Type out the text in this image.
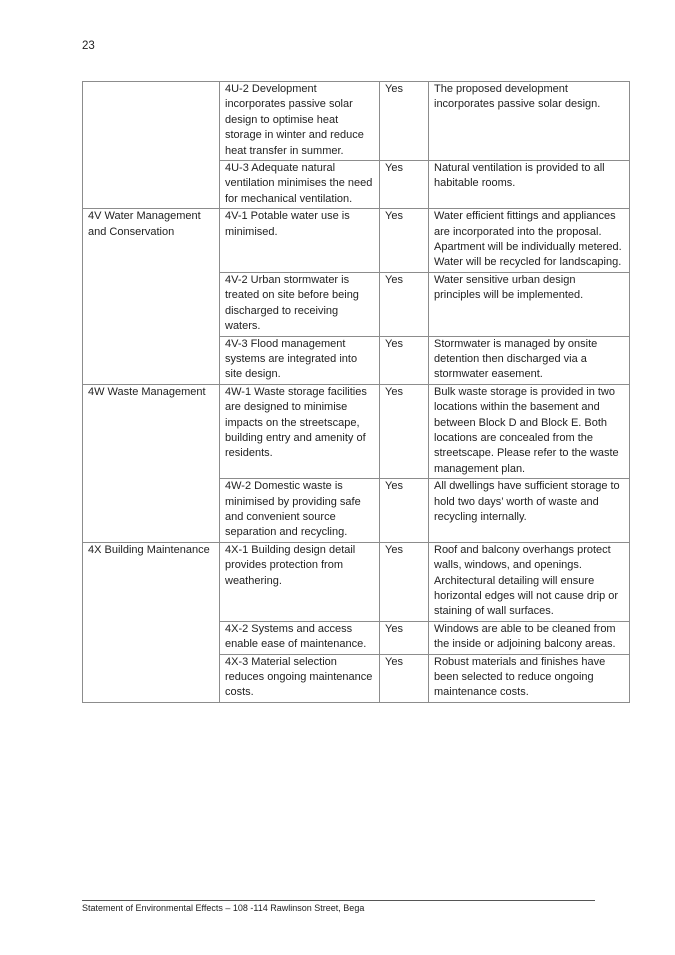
23
	4U-2 Development incorporates passive solar design to optimise heat storage in winter and reduce heat transfer in summer.	Yes	The proposed development incorporates passive solar design.
	4U-3 Adequate natural ventilation minimises the need for mechanical ventilation.	Yes	Natural ventilation is provided to all habitable rooms.
4V Water Management and Conservation	4V-1 Potable water use is minimised.	Yes	Water efficient fittings and appliances are incorporated into the proposal. Apartment will be individually metered. Water will be recycled for landscaping.
	4V-2 Urban stormwater is treated on site before being discharged to receiving waters.	Yes	Water sensitive urban design principles will be implemented.
	4V-3 Flood management systems are integrated into site design.	Yes	Stormwater is managed by onsite detention then discharged via a stormwater easement.
4W Waste Management	4W-1 Waste storage facilities are designed to minimise impacts on the streetscape, building entry and amenity of residents.	Yes	Bulk waste storage is provided in two locations within the basement and between Block D and Block E. Both locations are concealed from the streetscape. Please refer to the waste management plan.
	4W-2 Domestic waste is minimised by providing safe and convenient source separation and recycling.	Yes	All dwellings have sufficient storage to hold two days’ worth of waste and recycling internally.
4X Building Maintenance	4X-1 Building design detail provides protection from weathering.	Yes	Roof and balcony overhangs protect walls, windows, and openings. Architectural detailing will ensure horizontal edges will not cause drip or staining of wall surfaces.
	4X-2 Systems and access enable ease of maintenance.	Yes	Windows are able to be cleaned from the inside or adjoining balcony areas.
	4X-3 Material selection reduces ongoing maintenance costs.	Yes	Robust materials and finishes have been selected to reduce ongoing maintenance costs.
Statement of Environmental Effects – 108 -114 Rawlinson Street, Bega
